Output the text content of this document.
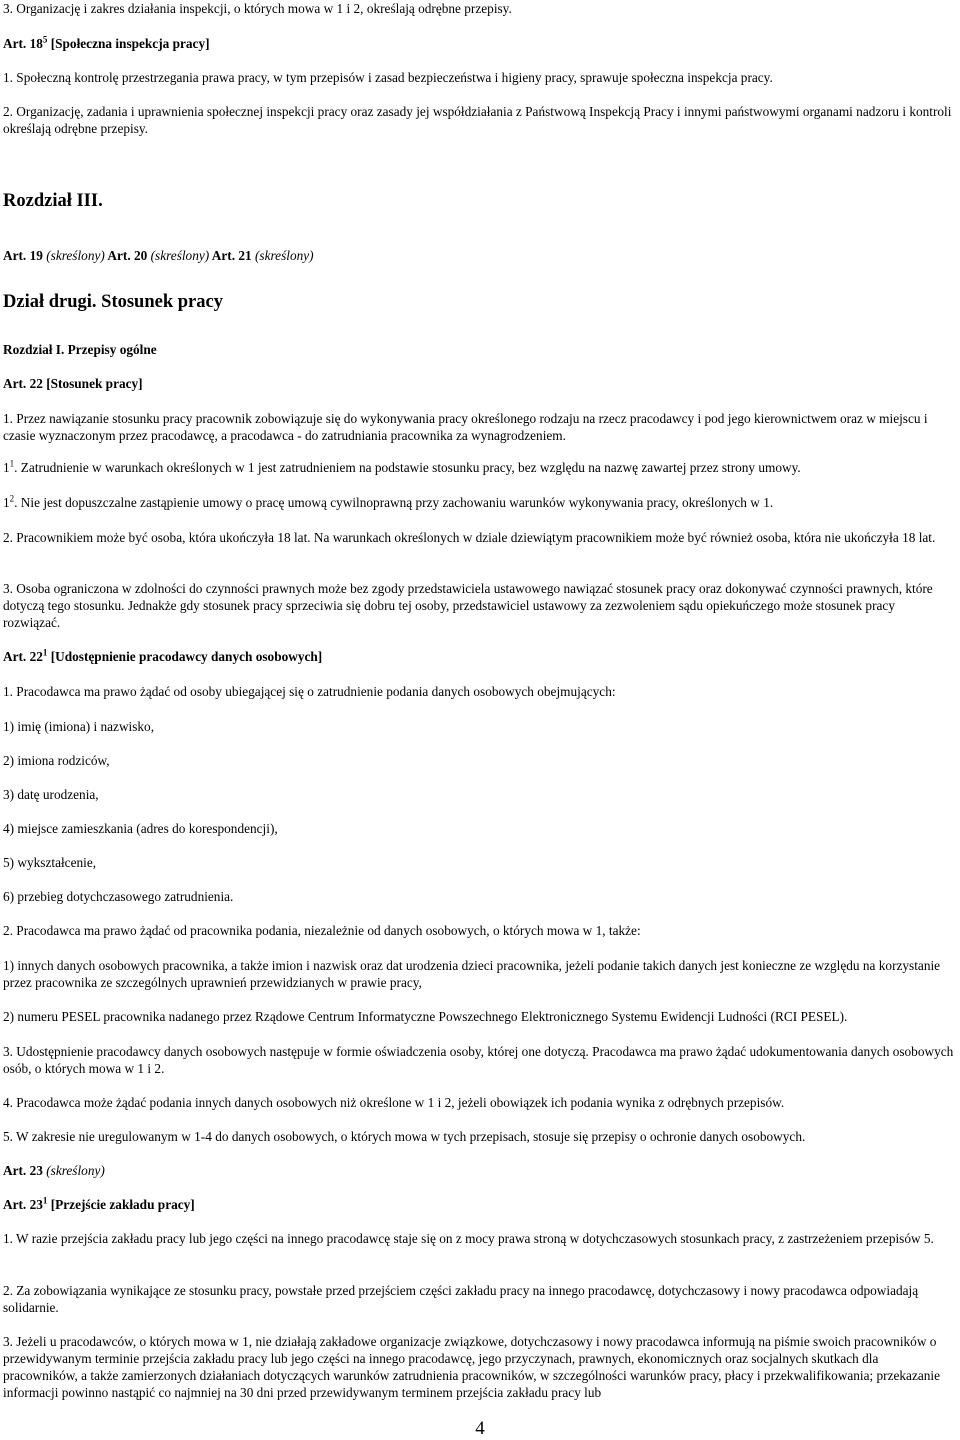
3. Organizację i zakres działania inspekcji, o których mowa w 1 i 2, określają odrębne przepisy.

Art. $18^5$ [Społeczna inspekcja pracy]

1. Społeczną kontrolę przestrzegania prawa pracy, w tym przepisów i zasad bezpieczeństwa i higieny pracy, sprawuje społeczna inspekcja pracy.

2. Organizację, zadania i uprawnienia społecznej inspekcji pracy oraz zasady jej współdziałania z Państwową Inspekcją Pracy i innymi państwowymi organami nadzoru i kontroli określają odrębne przepisy.

Rozdział III.

Art. 19 (skreślony) Art. 20 (skreślony) Art. 21 (skreślony)

Dział drugi. Stosunek pracy

Rozdział I. Przepisy ogólne

Art. 22 [Stosunek pracy]

1. Przez nawiązanie stosunku pracy pracownik zobowiązuje się do wykonywania pracy określonego rodzaju na rzecz pracodawcy i pod jego kierownictwem oraz w miejscu i czasie wyznaczonym przez pracodawcę, a pracodawca - do zatrudniania pracownika za wynagrodzeniem.

$1^1$. Zatrudnienie w warunkach określonych w 1 jest zatrudnieniem na podstawie stosunku pracy, bez względu na nazwę zawartej przez strony umowy.

$1^2$. Nie jest dopuszczalne zastąpienie umowy o pracę umową cywilnoprawną przy zachowaniu warunków wykonywania pracy, określonych w 1.

2. Pracownikiem może być osoba, która ukończyła 18 lat. Na warunkach określonych w dziale dziewiątym pracownikiem może być również osoba, która nie ukończyła 18 lat.

3. Osoba ograniczona w zdolności do czynności prawnych może bez zgody przedstawiciela ustawowego nawiązać stosunek pracy oraz dokonywać czynności prawnych, które dotyczą tego stosunku. Jednakże gdy stosunek pracy sprzeciwia się dobru tej osoby, przedstawiciel ustawowy za zezwoleniem sądu opiekuńczego może stosunek pracy rozwiązać.

Art. $22^1$ [Udostępnienie pracodawcy danych osobowych]

1. Pracodawca ma prawo żądać od osoby ubiegającej się o zatrudnienie podania danych osobowych obejmujących:

1) imię (imiona) i nazwisko,

2) imiona rodziców,

3) datę urodzenia,

4) miejsce zamieszkania (adres do korespondencji),

5) wykształcenie,

6) przebieg dotychczasowego zatrudnienia.

2. Pracodawca ma prawo żądać od pracownika podania, niezależnie od danych osobowych, o których mowa w 1, także:

1) innych danych osobowych pracownika, a także imion i nazwisk oraz dat urodzenia dzieci pracownika, jeżeli podanie takich danych jest konieczne ze względu na korzystanie przez pracownika ze szczególnych uprawnień przewidzianych w prawie pracy,

2) numeru PESEL pracownika nadanego przez Rządowe Centrum Informatyczne Powszechnego Elektronicznego Systemu Ewidencji Ludności (RCI PESEL).

3. Udostępnienie pracodawcy danych osobowych następuje w formie oświadczenia osoby, której one dotyczą. Pracodawca ma prawo żądać udokumentowania danych osobowych osób, o których mowa w 1 i 2.

4. Pracodawca może żądać podania innych danych osobowych niż określone w 1 i 2, jeżeli obowiązek ich podania wynika z odrębnych przepisów.

5. W zakresie nie uregulowanym w 1-4 do danych osobowych, o których mowa w tych przepisach, stosuje się przepisy o ochronie danych osobowych.

Art. 23 (skreślony)

Art. $23^1$ [Przejście zakładu pracy]

1. W razie przejścia zakładu pracy lub jego części na innego pracodawcę staje się on z mocy prawa stroną w dotychczasowych stosunkach pracy, z zastrzeżeniem przepisów 5.

2. Za zobowiązania wynikające ze stosunku pracy, powstałe przed przejściem części zakładu pracy na innego pracodawcę, dotychczasowy i nowy pracodawca odpowiadają solidarnie.

3. Jeżeli u pracodawców, o których mowa w 1, nie działają zakładowe organizacje związkowe, dotychczasowy i nowy pracodawca informują na piśmie swoich pracowników o przewidywanym terminie przejścia zakładu pracy lub jego części na innego pracodawcę, jego przyczynach, prawnych, ekonomicznych oraz socjalnych skutkach dla pracowników, a także zamierzonych działaniach dotyczących warunków zatrudnienia pracowników, w szczególności warunków pracy, płacy i przekwalifikowania; przekazanie informacji powinno nastąpić co najmniej na 30 dni przed przewidywanym terminem przejścia zakładu pracy lub

4
